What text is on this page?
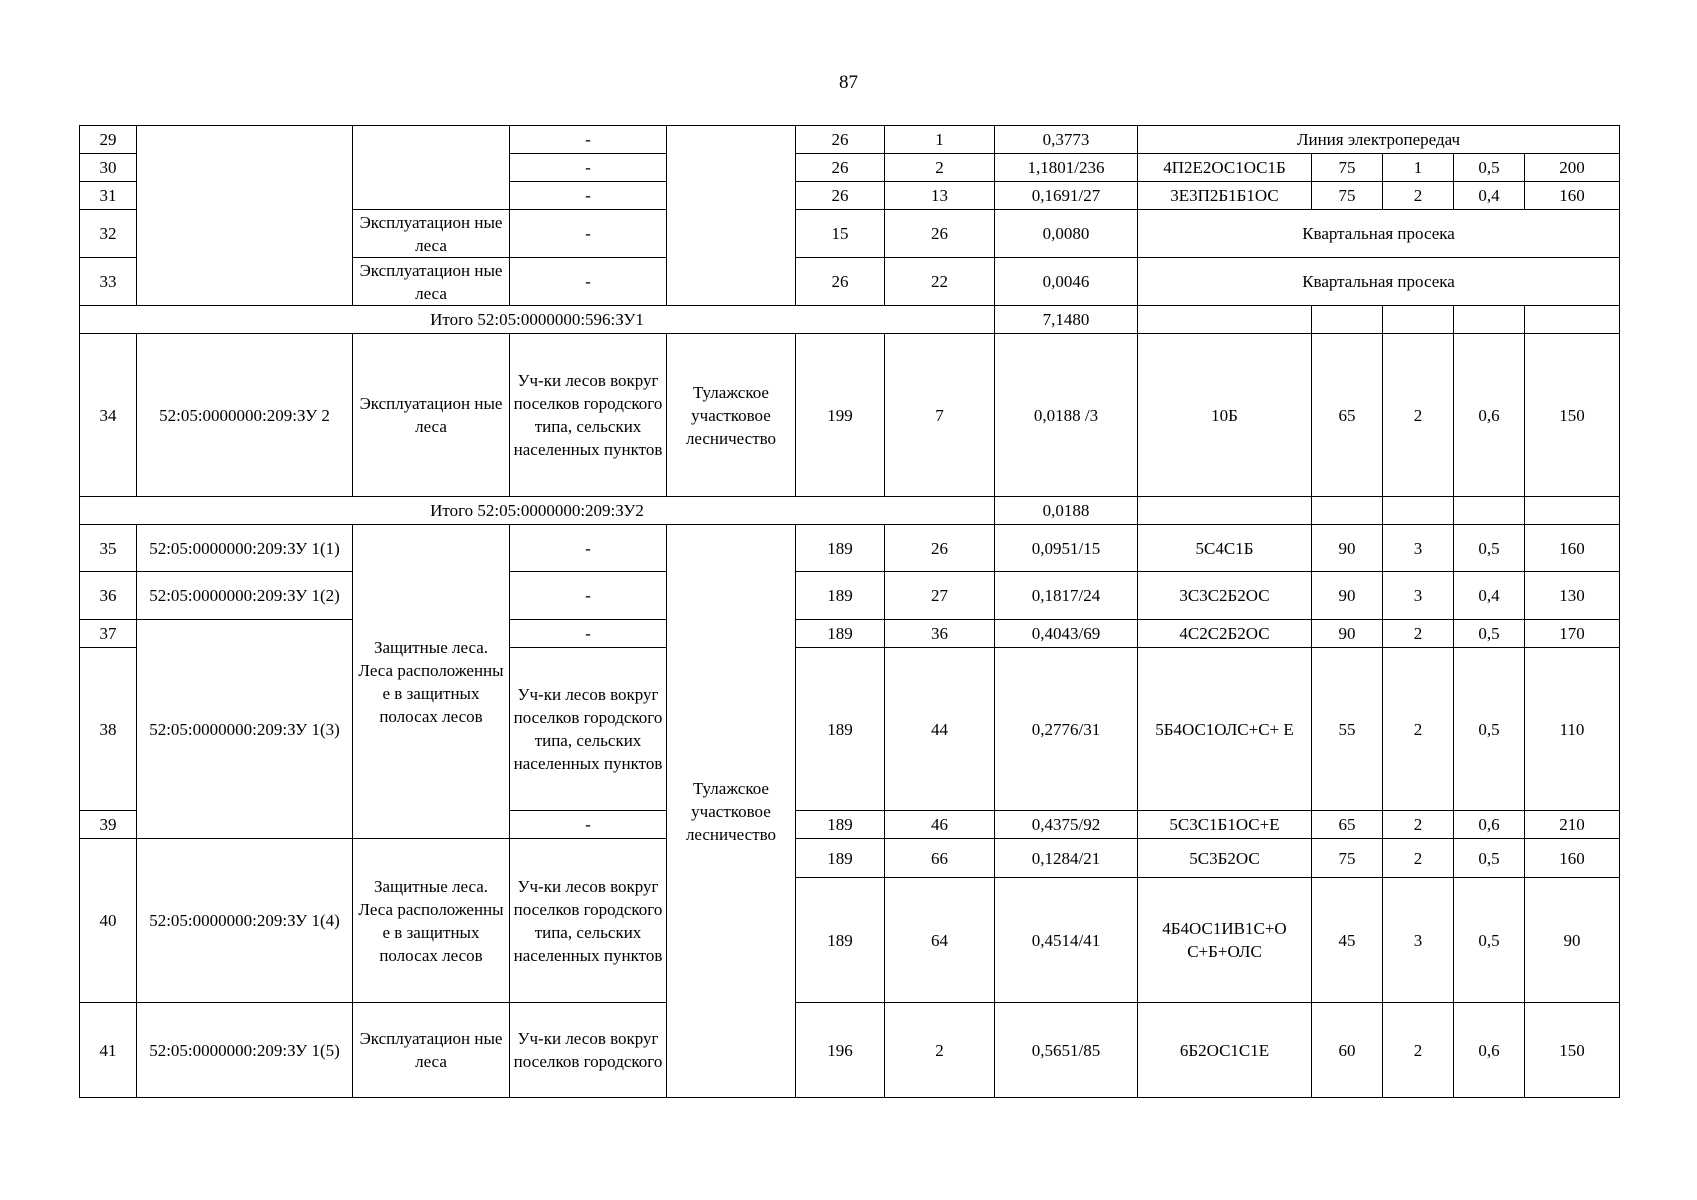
87
29			-		26	1	0,3773	Линия электропередач				
30			-		26	2	1,1801/236	4П2Е2ОС1ОС1Б	75	1	0,5	200
31			-		26	13	0,1691/27	3Е3П2Б1Б1ОС	75	2	0,4	160
32		Эксплуатацион ные леса	-		15	26	0,0080	Квартальная просека				
33		Эксплуатацион ные леса	-		26	22	0,0046	Квартальная просека				
Итого 52:05:0000000:596:ЗУ1							7,1480					
34	52:05:0000000:209:ЗУ 2	Эксплуатацион ные леса	Уч-ки лесов вокруг поселков городского типа, сельских населенных пунктов	Тулажское участковое лесничество	199	7	0,0188 /3	10Б	65	2	0,6	150
Итого 52:05:0000000:209:ЗУ2							0,0188					
35	52:05:0000000:209:ЗУ 1(1)	Защитные леса. Леса расположенны е в защитных полосах лесов	-	Тулажское участковое лесничество	189	26	0,0951/15	5С4С1Б	90	3	0,5	160
36	52:05:0000000:209:ЗУ 1(2)		-		189	27	0,1817/24	3С3С2Б2ОС	90	3	0,4	130
37	52:05:0000000:209:ЗУ 1(3)		-		189	36	0,4043/69	4С2С2Б2ОС	90	2	0,5	170
38			Уч-ки лесов вокруг поселков городского типа, сельских населенных пунктов		189	44	0,2776/31	5Б4ОС1ОЛС+С+ Е	55	2	0,5	110
39			-		189	46	0,4375/92	5С3С1Б1ОС+Е	65	2	0,6	210
40	52:05:0000000:209:ЗУ 1(4)	Защитные леса. Леса расположенны е в защитных полосах лесов	Уч-ки лесов вокруг поселков городского типа, сельских населенных пунктов		189	66	0,1284/21	5С3Б2ОС	75	2	0,5	160
					189	64	0,4514/41	4Б4ОС1ИВ1С+О С+Б+ОЛС	45	3	0,5	90
41	52:05:0000000:209:ЗУ 1(5)	Эксплуатацион ные леса	Уч-ки лесов вокруг поселков городского		196	2	0,5651/85	6Б2ОС1С1Е	60	2	0,6	150
